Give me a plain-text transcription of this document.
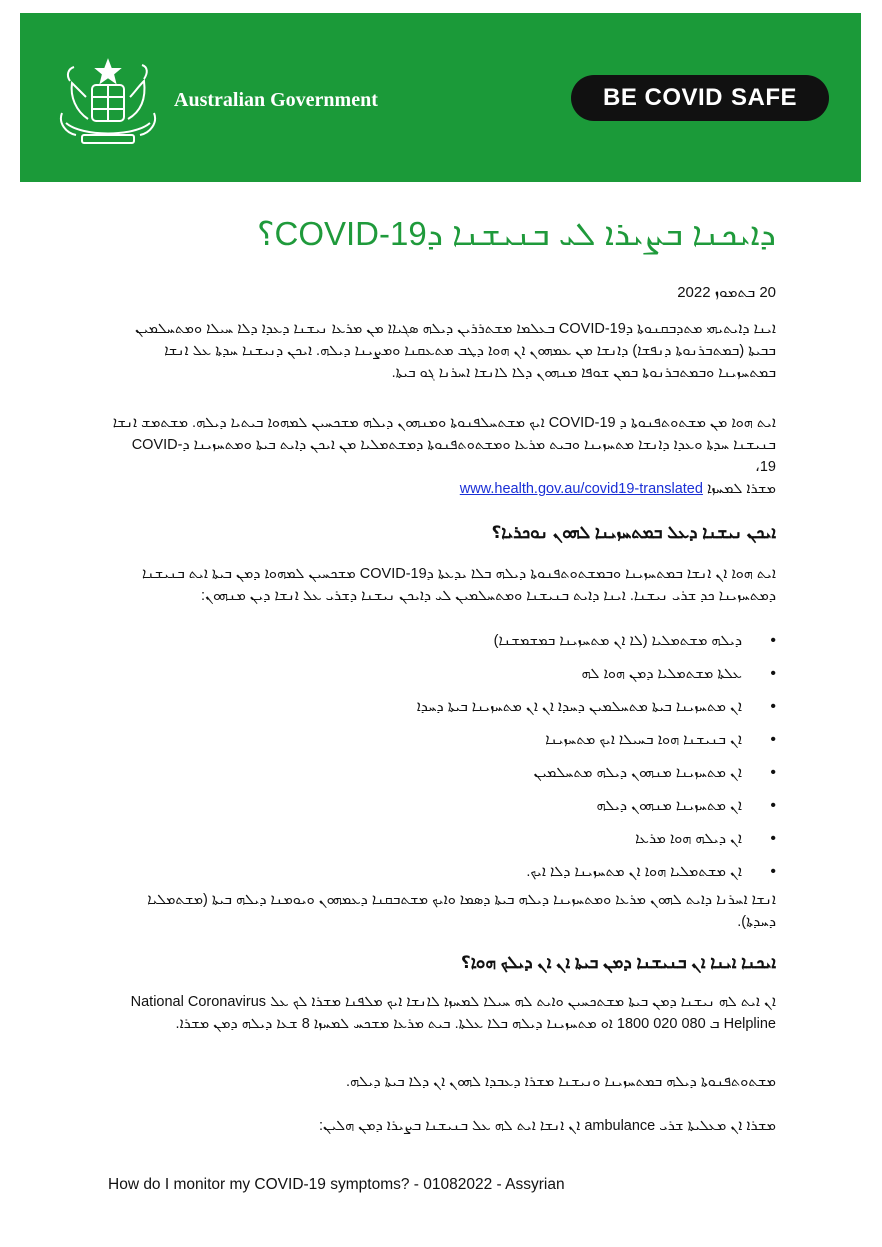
Australian Government	BE COVID SAFE
ܕܐܝܟܢܐ ܒܨܝܪܐ ܠܝ ܒܢܝܫܢܐ ܕCOVID-19؟
20 ܒܬܡܘܙ 2022
ܐܝܢܐ ܕܐܝܬܝܗܝ ܡܬܕܒܩܢܘܬܐ ܕCOVID-19 ܒܥܠܡܐ ܡܫܬܪܪܝܢ ܕܝܠܗ ܣܓܝܐܐ ܡܢ ܡܪܥܐ ܢܝܫܢܐ ܕܥܕܐ ܕܠܐ ܚܝܠܐ ܘܡܬܚܠܡܝܢ ܒܒܝܬܐ (ܒܡܬܒܪܢܘܬܐ ܕܢܦܫܐ) ܕܐܢܫܐ ܡܢ ܥܡܗܘܢ ܐܢ ܗܘܐ ܕܛܒ ܡܬܥܩܢܐ ܘܡܨܝܢܐ ܕܝܠܗ. ܐܝܟܢ ܕܢܝܫܢܐ ܚܕܬܐ ܥܠ ܐܢܫܐ ܒܡܬܚܙܝܢܐ ܘܒܡܬܒܪܢܘܬܐ ܒܡܢ ܫܘܦܐ ܡܢܗܘܢ ܕܠܐ ܠܐܢܫܐ ܐܚܪܢܐ ܓܘ ܒܝܬܐ.
ܐܝܬ ܗܘܐ ܡܢ ܡܫܬܘܬܦܢܘܬܐ ܕ COVID-19 ܐܝܟ ܡܫܬܚܠܦܢܘܬܐ ܘܡܢܗܘܢ ܕܝܠܗ ܡܫܟܚܝܢ ܠܡܗܘܐ ܒܝܬܝܐ ܕܝܠܗ. ܡܫܬܡܫ ܐܢܫܐ ܒܢܝܫܢܐ ܚܕܬܐ ܘܥܕܐ ܕܐܢܫܐ ܡܬܚܙܝܢܐ ܘܒܝܬ ܡܪܥܐ ܘܡܫܬܘܬܦܢܘܬܐ ܕܡܫܬܡܠܝܐ ܡܢ ܐܝܟܢ ܕܐܝܬ ܒܝܬܐ ܘܡܬܚܙܝܢܐ ܕCOVID-19،
ܡܫܪܐ ܠܡܚܙܐ www.health.gov.au/covid19-translated
ܐܝܟܢ ܢܝܫܢܐ ܕܥܠ ܒܡܬܚܙܝܢܐ ܠܗܘܢ ܢܘܟܪܝܐ؟
ܐܝܬ ܗܘܐ ܐܢ ܐܢܫܐ ܒܡܬܚܙܝܢܐ ܘܒܡܫܬܘܬܦܢܘܬܐ ܕܝܠܗ ܒܠܐ ܝܕܥܬܐ ܕCOVID-19 ܡܫܟܚܝܢ ܠܡܗܘܐ ܕܡܢ ܒܝܬܐ ܐܝܬ ܒܢܝܫܢܐ ܕܡܬܚܙܝܢܐ ܟܕ ܫܪܝ ܢܝܫܢܐ. ܐܝܢܐ ܕܐܝܬ ܒܢܝܫܢܐ ܘܡܬܚܠܡܝܢ ܠܝ ܕܐܝܟܢ ܢܝܫܢܐ ܕܫܪܝ ܥܠ ܐܢܫܐ ܕܝܢ ܡܢܗܘܢ:
ܕܝܠܗ ܡܫܬܡܠܝܐ (ܠܐ ܐܢ ܡܬܚܙܝܢܐ ܒܡܫܡܫܢܐ) •
ܥܠܬܐ ܡܫܬܡܠܝܐ ܕܡܢ ܗܘܐ ܠܗ •
ܐܢ ܡܬܚܙܝܢܐ ܒܝܬܐ ܡܬܚܠܡܝܢ ܕܚܕܐ ܐܢ ܐܢ ܡܬܚܙܝܢܐ ܒܝܬܐ ܕܚܕܐ •
ܐܢ ܒܢܝܫܢܐ ܗܘܐ ܒܚܝܠܐ ܐܝܟ ܡܬܚܙܝܢܐ •
ܐܢ ܡܬܚܙܝܢܐ ܡܢܗܘܢ ܕܝܠܗ ܡܬܚܠܡܝܢ •
ܐܢ ܡܬܚܙܝܢܐ ܡܢܗܘܢ ܕܝܠܗ •
ܐܢ ܕܝܠܗ ܗܘܐ ܡܪܥܐ •
ܐܢ ܡܫܬܡܠܝܐ ܗܘܐ ܐܢ ܡܬܚܙܝܢܐ ܕܠܐ ܐܝܟ. •
ܐܢܫܐ ܐܚܪܢܐ ܕܐܝܬ ܠܗܘܢ ܡܪܥܐ ܘܡܬܚܙܝܢܐ ܕܝܠܗ ܒܝܬܐ ܕܣܡܐ ܘܐܝܟ ܡܫܬܒܩܢܐ ܕܥܡܗܘܢ ܘܝܘܡܢܐ ܕܝܠܗ ܒܝܬܐ (ܡܫܬܡܠܝܐ ܕܚܕܬܐ).
ܐܝܟܢܐ ܐܝܢܐ ܐܢ ܒܢܝܫܢܐ ܕܡܢ ܒܝܬܐ ܐܢ ܐܢ ܕܝܠܟ ܗܘܐ؟
ܐܢ ܐܝܬ ܠܗ ܢܝܫܢܐ ܕܡܢ ܒܝܬܐ ܡܫܬܟܚܝܢ ܘܐܝܬ ܠܗ ܚܝܠܐ ܠܡܚܙܐ ܠܐܢܫܐ ܐܝܟ ܡܠܦܢܐ ܡܫܪܐ ܠܟ ܥܠ National Coronavirus Helpline ܒ 080 020 1800 ܐܘ ܡܬܚܙܝܢܐ ܕܝܠܗ ܒܠܐ ܥܠܬܐ. ܒܝܬ ܡܪܥܐ ܡܫܟܚ ܠܡܚܙܐ 8 ܫܥܐ ܕܝܠܗ ܕܡܢ ܡܫܪܐ.
ܡܫܬܘܬܦܢܘܬܐ ܕܝܠܗ ܒܡܬܚܙܝܢܐ ܘܢܝܫܢܐ ܡܫܪܐ ܕܥܒܕܐ ܠܗܘܢ ܐܢ ܕܠܐ ܒܝܬܐ ܕܝܠܗ.
ܡܫܪܐ ܐܢ ܡܥܠܝܬܐ ܫܪܝ ambulance ܐܢ ܐܢܫܐ ܐܝܬ ܠܗ ܥܠ ܒܢܝܫܢܐ ܒܨܝܪܐ ܕܡܢ ܗܠܝܢ:
How do I monitor my COVID-19 symptoms? - 01082022 - Assyrian
